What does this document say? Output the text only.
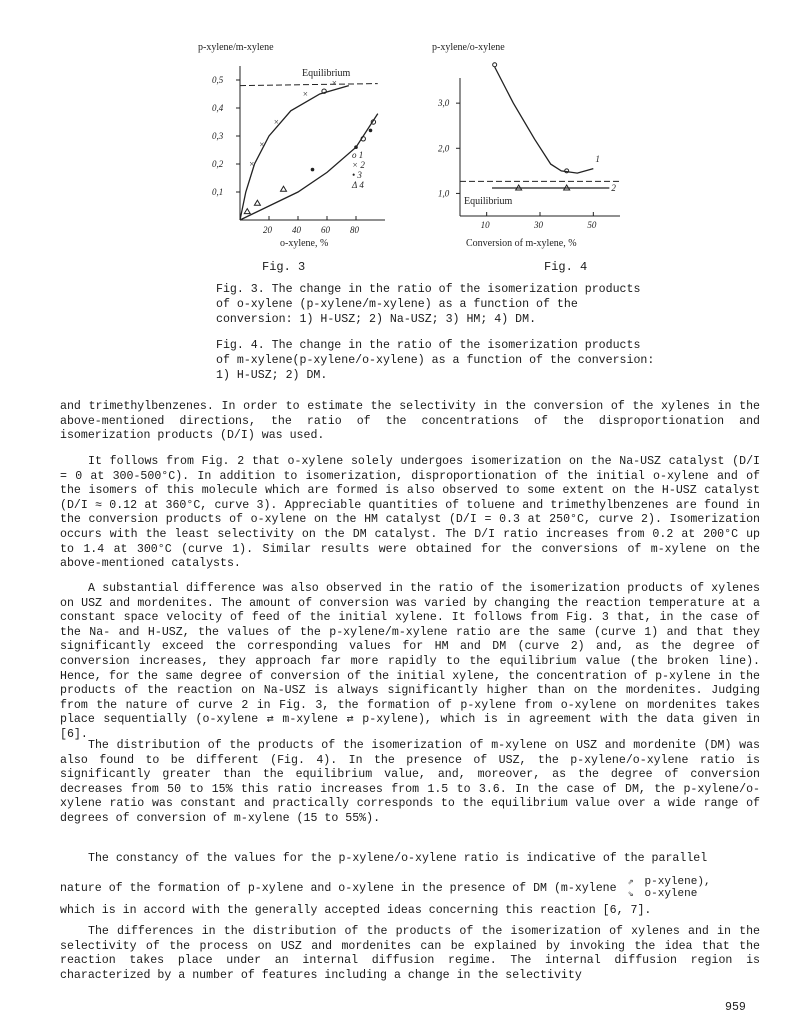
p-xylene/m-xylene
0,1
0,2
0,3
0,4
0,5
20 40 60 80
×
×
×
×
×
o 1
× 2
• 3
Δ 4
Equilibrium
o-xylene, %
Fig. 3
p-xylene/o-xylene
1,0
2,0
3,0
10	30	50
1
2
Equilibrium
Conversion of m-xylene, %
Fig. 4

Fig. 3. The change in the ratio of the isomerization products of o-xylene (p-xylene/m-xylene) as a function of the conversion: 1) H-USZ; 2) Na-USZ; 3) HM; 4) DM.

Fig. 4. The change in the ratio of the isomerization products of m-xylene(p-xylene/o-xylene) as a function of the conversion: 1) H-USZ; 2) DM.

and trimethylbenzenes. In order to estimate the selectivity in the conversion of the xylenes in the above-mentioned directions, the ratio of the concentrations of the disproportionation and isomerization products (D/I) was used.

It follows from Fig. 2 that o-xylene solely undergoes isomerization on the Na-USZ catalyst (D/I = 0 at 300-500°C). In addition to isomerization, disproportionation of the initial o-xylene and of the isomers of this molecule which are formed is also observed to some extent on the H-USZ catalyst (D/I ≈ 0.12 at 360°C, curve 3). Appreciable quantities of toluene and trimethylbenzenes are found in the conversion products of o-xylene on the HM catalyst (D/I = 0.3 at 250°C, curve 2). Isomerization occurs with the least selectivity on the DM catalyst. The D/I ratio increases from 0.2 at 200°C up to 1.4 at 300°C (curve 1). Similar results were obtained for the conversions of m-xylene on the above-mentioned catalysts.

A substantial difference was also observed in the ratio of the isomerization products of xylenes on USZ and mordenites. The amount of conversion was varied by changing the reaction temperature at a constant space velocity of feed of the initial xylene. It follows from Fig. 3 that, in the case of the Na- and H-USZ, the values of the p-xylene/m-xylene ratio are the same (curve 1) and that they significantly exceed the corresponding values for HM and DM (curve 2) and, as the degree of conversion increases, they approach far more rapidly to the equilibrium value (the broken line). Hence, for the same degree of conversion of the initial xylene, the concentration of p-xylene in the products of the reaction on Na-USZ is always significantly higher than on the mordenites. Judging from the nature of curve 2 in Fig. 3, the formation of p-xylene from o-xylene on mordenites takes place sequentially (o-xylene ⇄ m-xylene ⇄ p-xylene), which is in agreement with the data given in [6].

The distribution of the products of the isomerization of m-xylene on USZ and mordenite (DM) was also found to be different (Fig. 4). In the presence of USZ, the p-xylene/o-xylene ratio is significantly greater than the equilibrium value, and, moreover, as the degree of conversion decreases from 50 to 15% this ratio increases from 1.5 to 3.6. In the case of DM, the p-xylene/o-xylene ratio was constant and practically corresponds to the equilibrium value over a wide range of degrees of conversion of m-xylene (15 to 55%).

The constancy of the values for the p-xylene/o-xylene ratio is indicative of the parallel
nature of the formation of p-xylene and o-xylene in the presence of DM (m-xylene ⇗
⇘ p-xylene),
o-xylene
which is in accord with the generally accepted ideas concerning this reaction [6, 7].

The differences in the distribution of the products of the isomerization of xylenes and in the selectivity of the process on USZ and mordenites can be explained by invoking the idea that the reaction takes place under an internal diffusion regime. The internal diffusion region is characterized by a number of features including a change in the selectivity

959
